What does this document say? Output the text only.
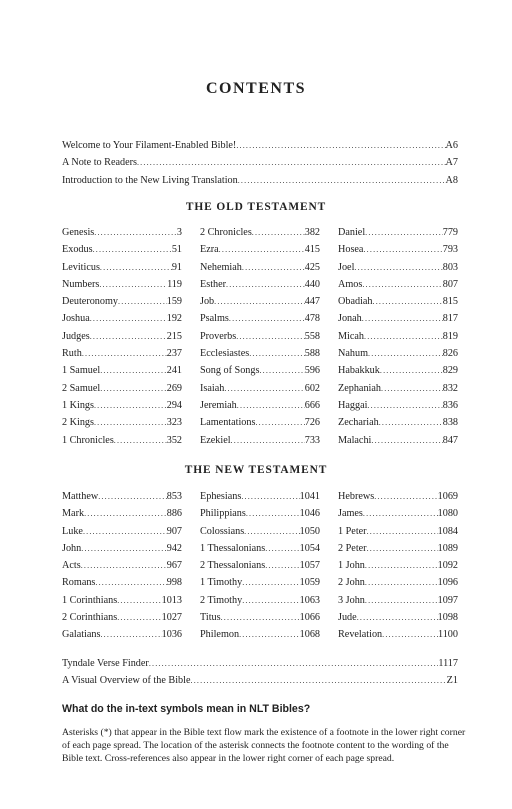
CONTENTS
Welcome to Your Filament-Enabled Bible! .....	A6
A Note to Readers .....	A7
Introduction to the New Living Translation .....	A8
THE OLD TESTAMENT
Genesis .....	3
Exodus .....	51
Leviticus .....	91
Numbers .....	119
Deuteronomy .....	159
Joshua .....	192
Judges .....	215
Ruth .....	237
1 Samuel .....	241
2 Samuel .....	269
1 Kings .....	294
2 Kings .....	323
1 Chronicles .....	352
2 Chronicles .....	382
Ezra .....	415
Nehemiah .....	425
Esther .....	440
Job .....	447
Psalms .....	478
Proverbs .....	558
Ecclesiastes .....	588
Song of Songs .....	596
Isaiah .....	602
Jeremiah .....	666
Lamentations .....	726
Ezekiel .....	733
Daniel .....	779
Hosea .....	793
Joel .....	803
Amos .....	807
Obadiah .....	815
Jonah .....	817
Micah .....	819
Nahum .....	826
Habakkuk .....	829
Zephaniah .....	832
Haggai .....	836
Zechariah .....	838
Malachi .....	847
THE NEW TESTAMENT
Matthew .....	853
Mark .....	886
Luke .....	907
John .....	942
Acts .....	967
Romans .....	998
1 Corinthians .....	1013
2 Corinthians .....	1027
Galatians .....	1036
Ephesians .....	1041
Philippians .....	1046
Colossians .....	1050
1 Thessalonians .....	1054
2 Thessalonians .....	1057
1 Timothy .....	1059
2 Timothy .....	1063
Titus .....	1066
Philemon .....	1068
Hebrews .....	1069
James .....	1080
1 Peter .....	1084
2 Peter .....	1089
1 John .....	1092
2 John .....	1096
3 John .....	1097
Jude .....	1098
Revelation .....	1100
Tyndale Verse Finder .....	1117
A Visual Overview of the Bible .....	Z1
What do the in-text symbols mean in NLT Bibles?
Asterisks (*) that appear in the Bible text flow mark the existence of a footnote in the lower right corner of each page spread. The location of the asterisk connects the footnote content to the wording of the Bible text. Cross-references also appear in the lower right corner of each page spread.
